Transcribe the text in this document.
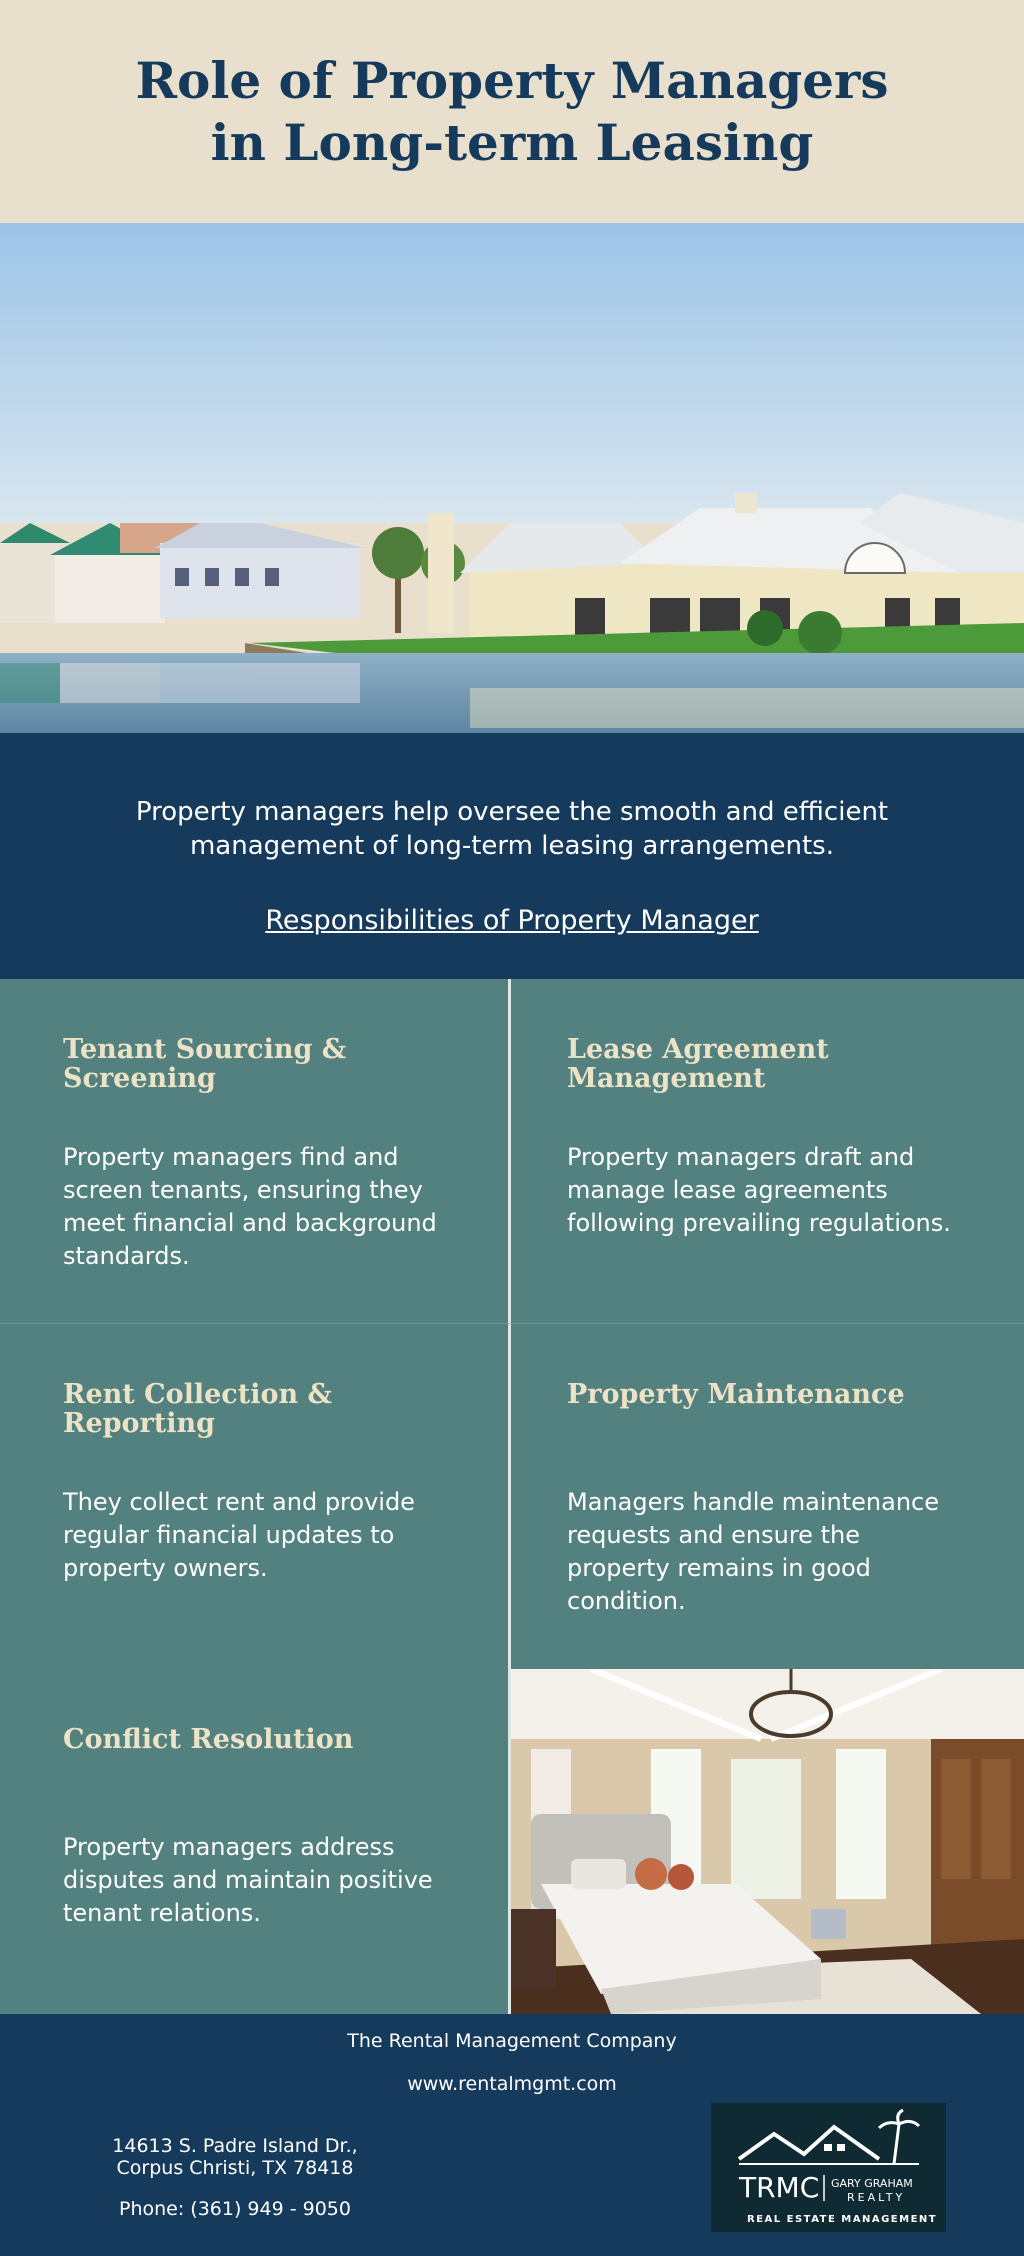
Role of Property Managers in Long-term Leasing

Property managers help oversee the smooth and efficient management of long-term leasing arrangements.

Responsibilities of Property Manager
Tenant Sourcing & Screening

Property managers find and screen tenants, ensuring they meet financial and background standards.

Lease Agreement Management

Property managers draft and manage lease agreements following prevailing regulations.

Rent Collection & Reporting

They collect rent and provide regular financial updates to property owners.

Property Maintenance

Managers handle maintenance requests and ensure the property remains in good condition.

Conflict Resolution

Property managers address disputes and maintain positive tenant relations.

The Rental Management Company
www.rentalmgmt.com
14613 S. Padre Island Dr.,
Corpus Christi, TX 78418
Phone: (361) 949 - 9050
TRMC GARY GRAHAM
REALTY
REAL ESTATE MANAGEMENT
